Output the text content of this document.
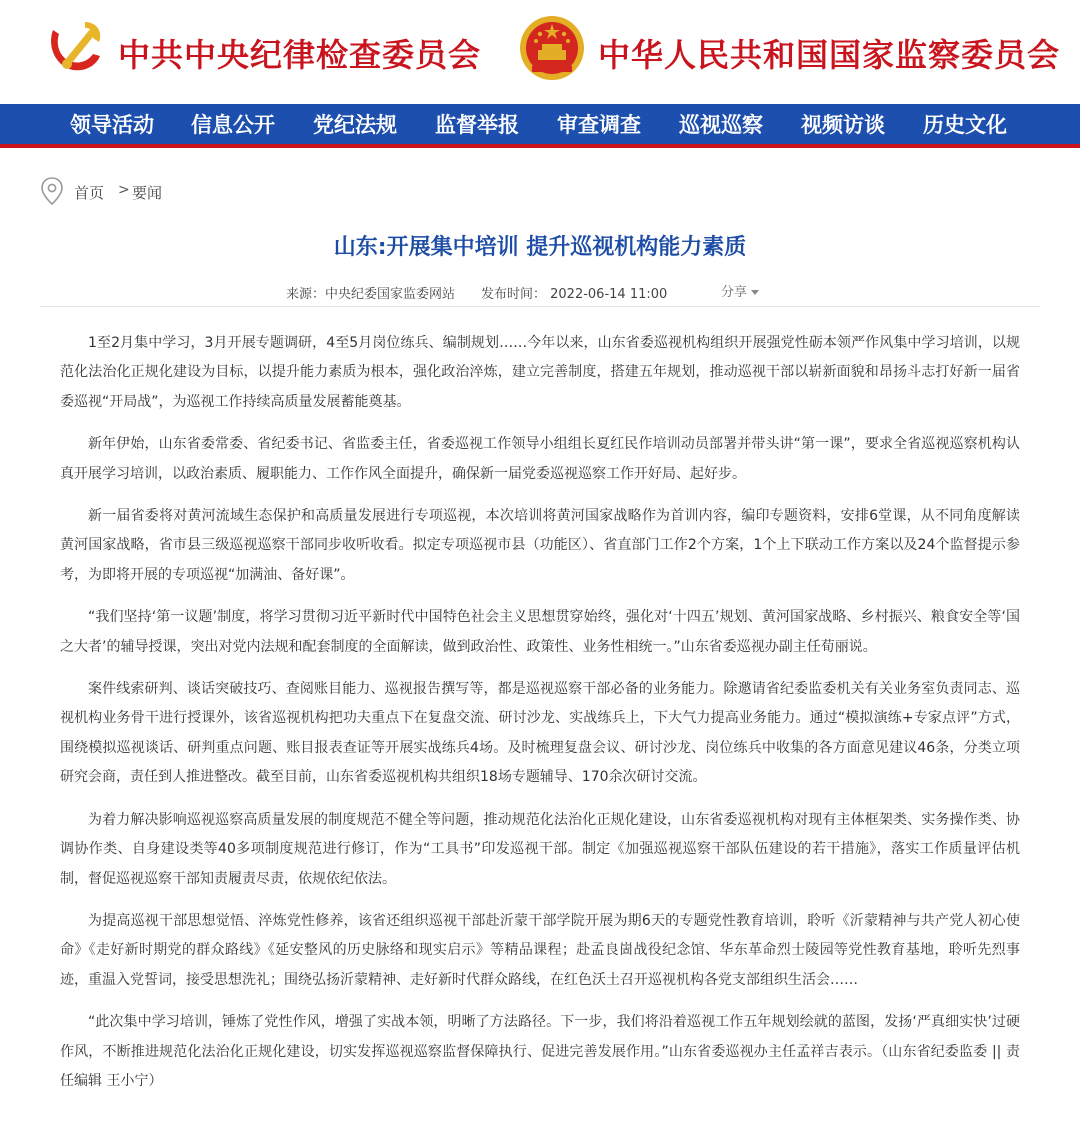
中共中央纪律检查委员会	中华人民共和国国家监察委员会
领导活动 信息公开 党纪法规 监督举报 审查调查 巡视巡察 视频访谈 历史文化
首页 > 要闻
山东:开展集中培训 提升巡视机构能力素质
来源：中央纪委国家监委网站 发布时间： 2022-06-14 11:00	分享

1至2月集中学习，3月开展专题调研，4至5月岗位练兵、编制规划……今年以来，山东省委巡视机构组织开展强党性砺本领严作风集中学习培训，以规范化法治化正规化建设为目标，以提升能力素质为根本，强化政治淬炼，建立完善制度，搭建五年规划，推动巡视干部以崭新面貌和昂扬斗志打好新一届省委巡视“开局战”，为巡视工作持续高质量发展蓄能奠基。

新年伊始，山东省委常委、省纪委书记、省监委主任，省委巡视工作领导小组组长夏红民作培训动员部署并带头讲“第一课”，要求全省巡视巡察机构认真开展学习培训，以政治素质、履职能力、工作作风全面提升，确保新一届党委巡视巡察工作开好局、起好步。

新一届省委将对黄河流域生态保护和高质量发展进行专项巡视，本次培训将黄河国家战略作为首训内容，编印专题资料，安排6堂课，从不同角度解读黄河国家战略，省市县三级巡视巡察干部同步收听收看。拟定专项巡视市县（功能区）、省直部门工作2个方案，1个上下联动工作方案以及24个监督提示参考，为即将开展的专项巡视“加满油、备好课”。

“我们坚持‘第一议题’制度，将学习贯彻习近平新时代中国特色社会主义思想贯穿始终，强化对‘十四五’规划、黄河国家战略、乡村振兴、粮食安全等‘国之大者’的辅导授课，突出对党内法规和配套制度的全面解读，做到政治性、政策性、业务性相统一。”山东省委巡视办副主任荀丽说。

案件线索研判、谈话突破技巧、查阅账目能力、巡视报告撰写等，都是巡视巡察干部必备的业务能力。除邀请省纪委监委机关有关业务室负责同志、巡视机构业务骨干进行授课外，该省巡视机构把功夫重点下在复盘交流、研讨沙龙、实战练兵上，下大气力提高业务能力。通过“模拟演练+专家点评”方式，围绕模拟巡视谈话、研判重点问题、账目报表查证等开展实战练兵4场。及时梳理复盘会议、研讨沙龙、岗位练兵中收集的各方面意见建议46条，分类立项研究会商，责任到人推进整改。截至目前，山东省委巡视机构共组织18场专题辅导、170余次研讨交流。

为着力解决影响巡视巡察高质量发展的制度规范不健全等问题，推动规范化法治化正规化建设，山东省委巡视机构对现有主体框架类、实务操作类、协调协作类、自身建设类等40多项制度规范进行修订，作为“工具书”印发巡视干部。制定《加强巡视巡察干部队伍建设的若干措施》，落实工作质量评估机制，督促巡视巡察干部知责履责尽责，依规依纪依法。

为提高巡视干部思想觉悟、淬炼党性修养，该省还组织巡视干部赴沂蒙干部学院开展为期6天的专题党性教育培训，聆听《沂蒙精神与共产党人初心使命》《走好新时期党的群众路线》《延安整风的历史脉络和现实启示》等精品课程；赴孟良崮战役纪念馆、华东革命烈士陵园等党性教育基地，聆听先烈事迹，重温入党誓词，接受思想洗礼；围绕弘扬沂蒙精神、走好新时代群众路线，在红色沃土召开巡视机构各党支部组织生活会……

“此次集中学习培训，锤炼了党性作风，增强了实战本领，明晰了方法路径。下一步，我们将沿着巡视工作五年规划绘就的蓝图，发扬‘严真细实快’过硬作风，不断推进规范化法治化正规化建设，切实发挥巡视巡察监督保障执行、促进完善发展作用。”山东省委巡视办主任孟祥吉表示。（山东省纪委监委 || 责任编辑 王小宁）
